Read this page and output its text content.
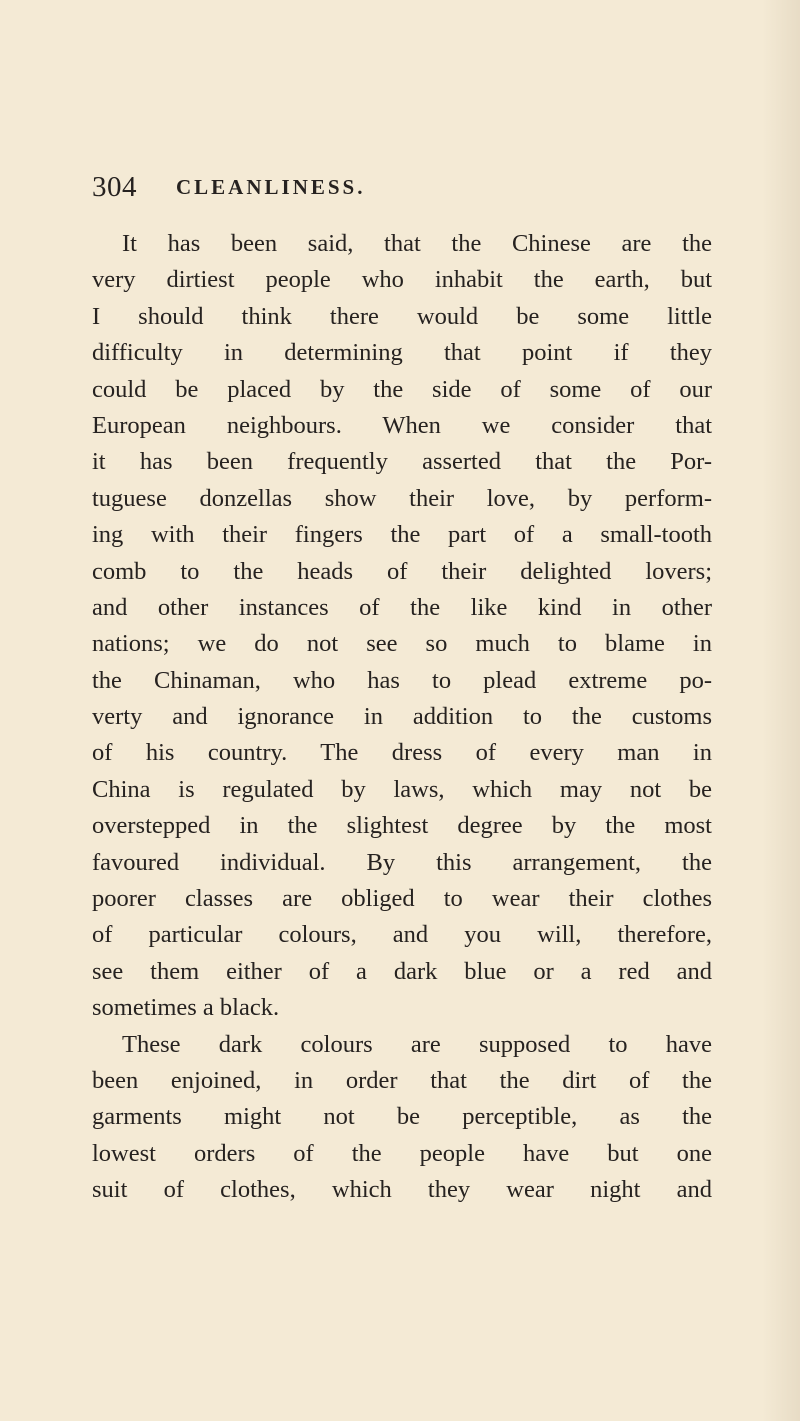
304 CLEANLINESS.
It has been said, that the Chinese are the
very dirtiest people who inhabit the earth, but
I should think there would be some little
difficulty in determining that point if they
could be placed by the side of some of our
European neighbours. When we consider that
it has been frequently asserted that the Por-
tuguese donzellas show their love, by perform-
ing with their fingers the part of a small-tooth
comb to the heads of their delighted lovers;
and other instances of the like kind in other
nations; we do not see so much to blame in
the Chinaman, who has to plead extreme po-
verty and ignorance in addition to the customs
of his country. The dress of every man in
China is regulated by laws, which may not be
overstepped in the slightest degree by the most
favoured individual. By this arrangement, the
poorer classes are obliged to wear their clothes
of particular colours, and you will, therefore,
see them either of a dark blue or a red and
sometimes a black.
These dark colours are supposed to have
been enjoined, in order that the dirt of the
garments might not be perceptible, as the
lowest orders of the people have but one
suit of clothes, which they wear night and
